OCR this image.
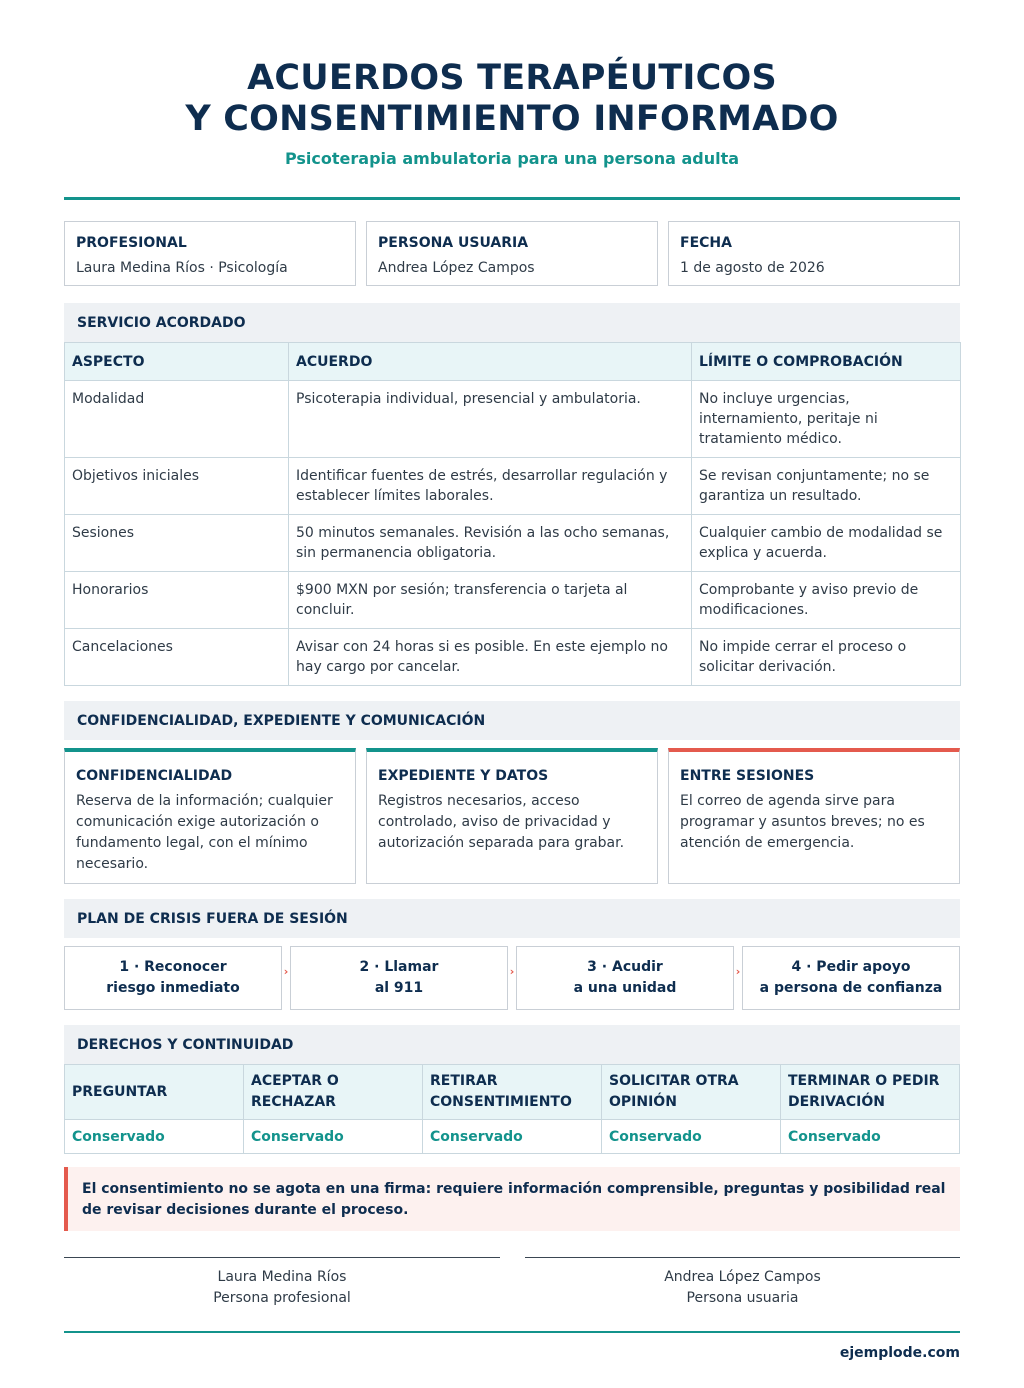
ACUERDOS TERAPÉUTICOS
Y CONSENTIMIENTO INFORMADO
Psicoterapia ambulatoria para una persona adulta
PROFESIONAL
Laura Medina Ríos · Psicología
PERSONA USUARIA
Andrea López Campos
FECHA
1 de agosto de 2026
SERVICIO ACORDADO
ASPECTO	ACUERDO	LÍMITE O COMPROBACIÓN
Modalidad	Psicoterapia individual, presencial y ambulatoria.	No incluye urgencias, internamiento, peritaje ni tratamiento médico.
Objetivos iniciales	Identificar fuentes de estrés, desarrollar regulación y establecer límites laborales.	Se revisan conjuntamente; no se garantiza un resultado.
Sesiones	50 minutos semanales. Revisión a las ocho semanas, sin permanencia obligatoria.	Cualquier cambio de modalidad se explica y acuerda.
Honorarios	$900 MXN por sesión; transferencia o tarjeta al concluir.	Comprobante y aviso previo de modificaciones.
Cancelaciones	Avisar con 24 horas si es posible. En este ejemplo no hay cargo por cancelar.	No impide cerrar el proceso o solicitar derivación.
CONFIDENCIALIDAD, EXPEDIENTE Y COMUNICACIÓN
CONFIDENCIALIDAD
Reserva de la información; cualquier comunicación exige autorización o fundamento legal, con el mínimo necesario.
EXPEDIENTE Y DATOS
Registros necesarios, acceso controlado, aviso de privacidad y autorización separada para grabar.
ENTRE SESIONES
El correo de agenda sirve para programar y asuntos breves; no es atención de emergencia.
PLAN DE CRISIS FUERA DE SESIÓN
1 · Reconocer
riesgo inmediato
›	2 · Llamar
al 911
›	3 · Acudir
a una unidad
›	4 · Pedir apoyo
a persona de confianza
DERECHOS Y CONTINUIDAD
PREGUNTAR	ACEPTAR O RECHAZAR	RETIRAR CONSENTIMIENTO	SOLICITAR OTRA OPINIÓN	TERMINAR O PEDIR DERIVACIÓN
Conservado	Conservado	Conservado	Conservado	Conservado
El consentimiento no se agota en una firma: requiere información comprensible, preguntas y posibilidad real de revisar decisiones durante el proceso.
Laura Medina Ríos
Persona profesional
Andrea López Campos
Persona usuaria
ejemplode.com
